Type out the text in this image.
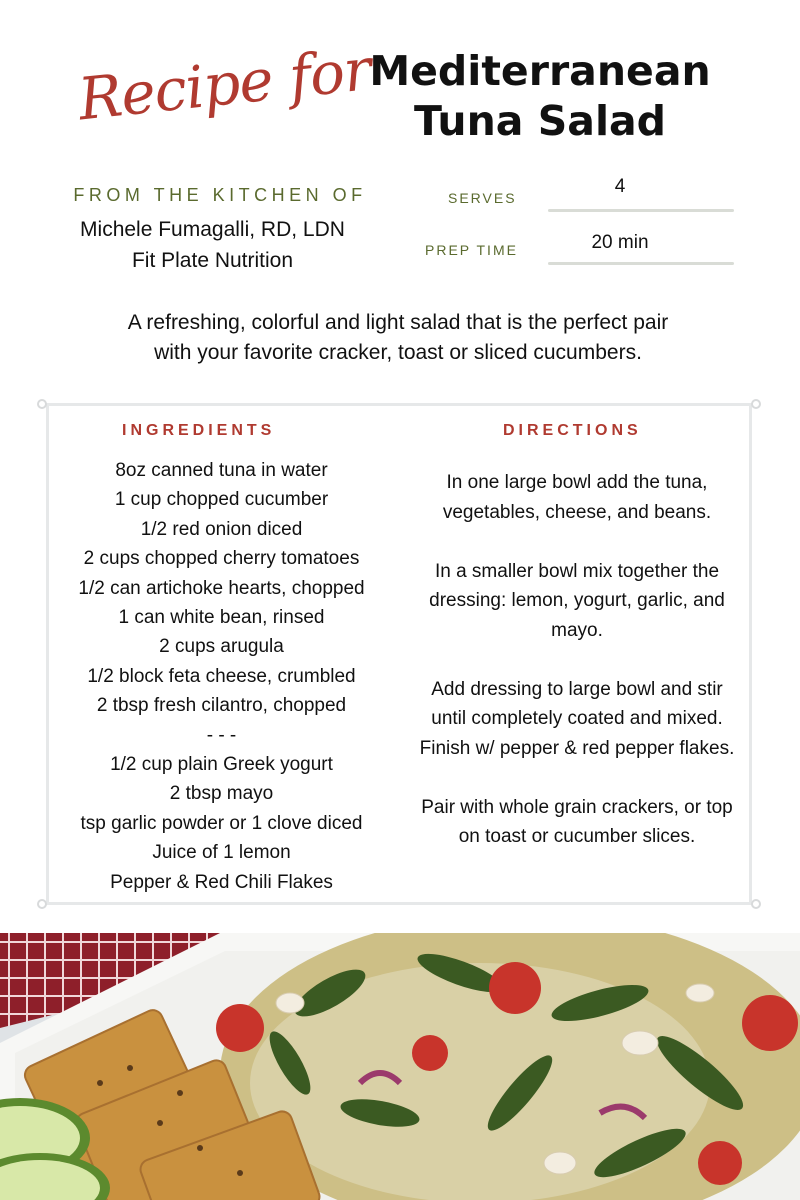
Recipe for
Mediterranean
Tuna Salad
FROM THE KITCHEN OF
Michele Fumagalli, RD, LDN
Fit Plate Nutrition
SERVES
4
PREP TIME	20 min
A refreshing, colorful and light salad that is the perfect pair
with your favorite cracker, toast or sliced cucumbers.
INGREDIENTS	DIRECTIONS
8oz canned tuna in water
1 cup chopped cucumber
1/2 red onion diced
2 cups chopped cherry tomatoes
1/2 can artichoke hearts, chopped
1 can white bean, rinsed
2 cups arugula
1/2 block feta cheese, crumbled
2 tbsp fresh cilantro, chopped
- - -
1/2 cup plain Greek yogurt
2 tbsp mayo
tsp garlic powder or 1 clove diced
Juice of 1 lemon
Pepper & Red Chili Flakes

In one large bowl add the tuna, vegetables, cheese, and beans.

In a smaller bowl mix together the dressing: lemon, yogurt, garlic, and mayo.

Add dressing to large bowl and stir until completely coated and mixed. Finish w/ pepper & red pepper flakes.

Pair with whole grain crackers, or top on toast or cucumber slices.
